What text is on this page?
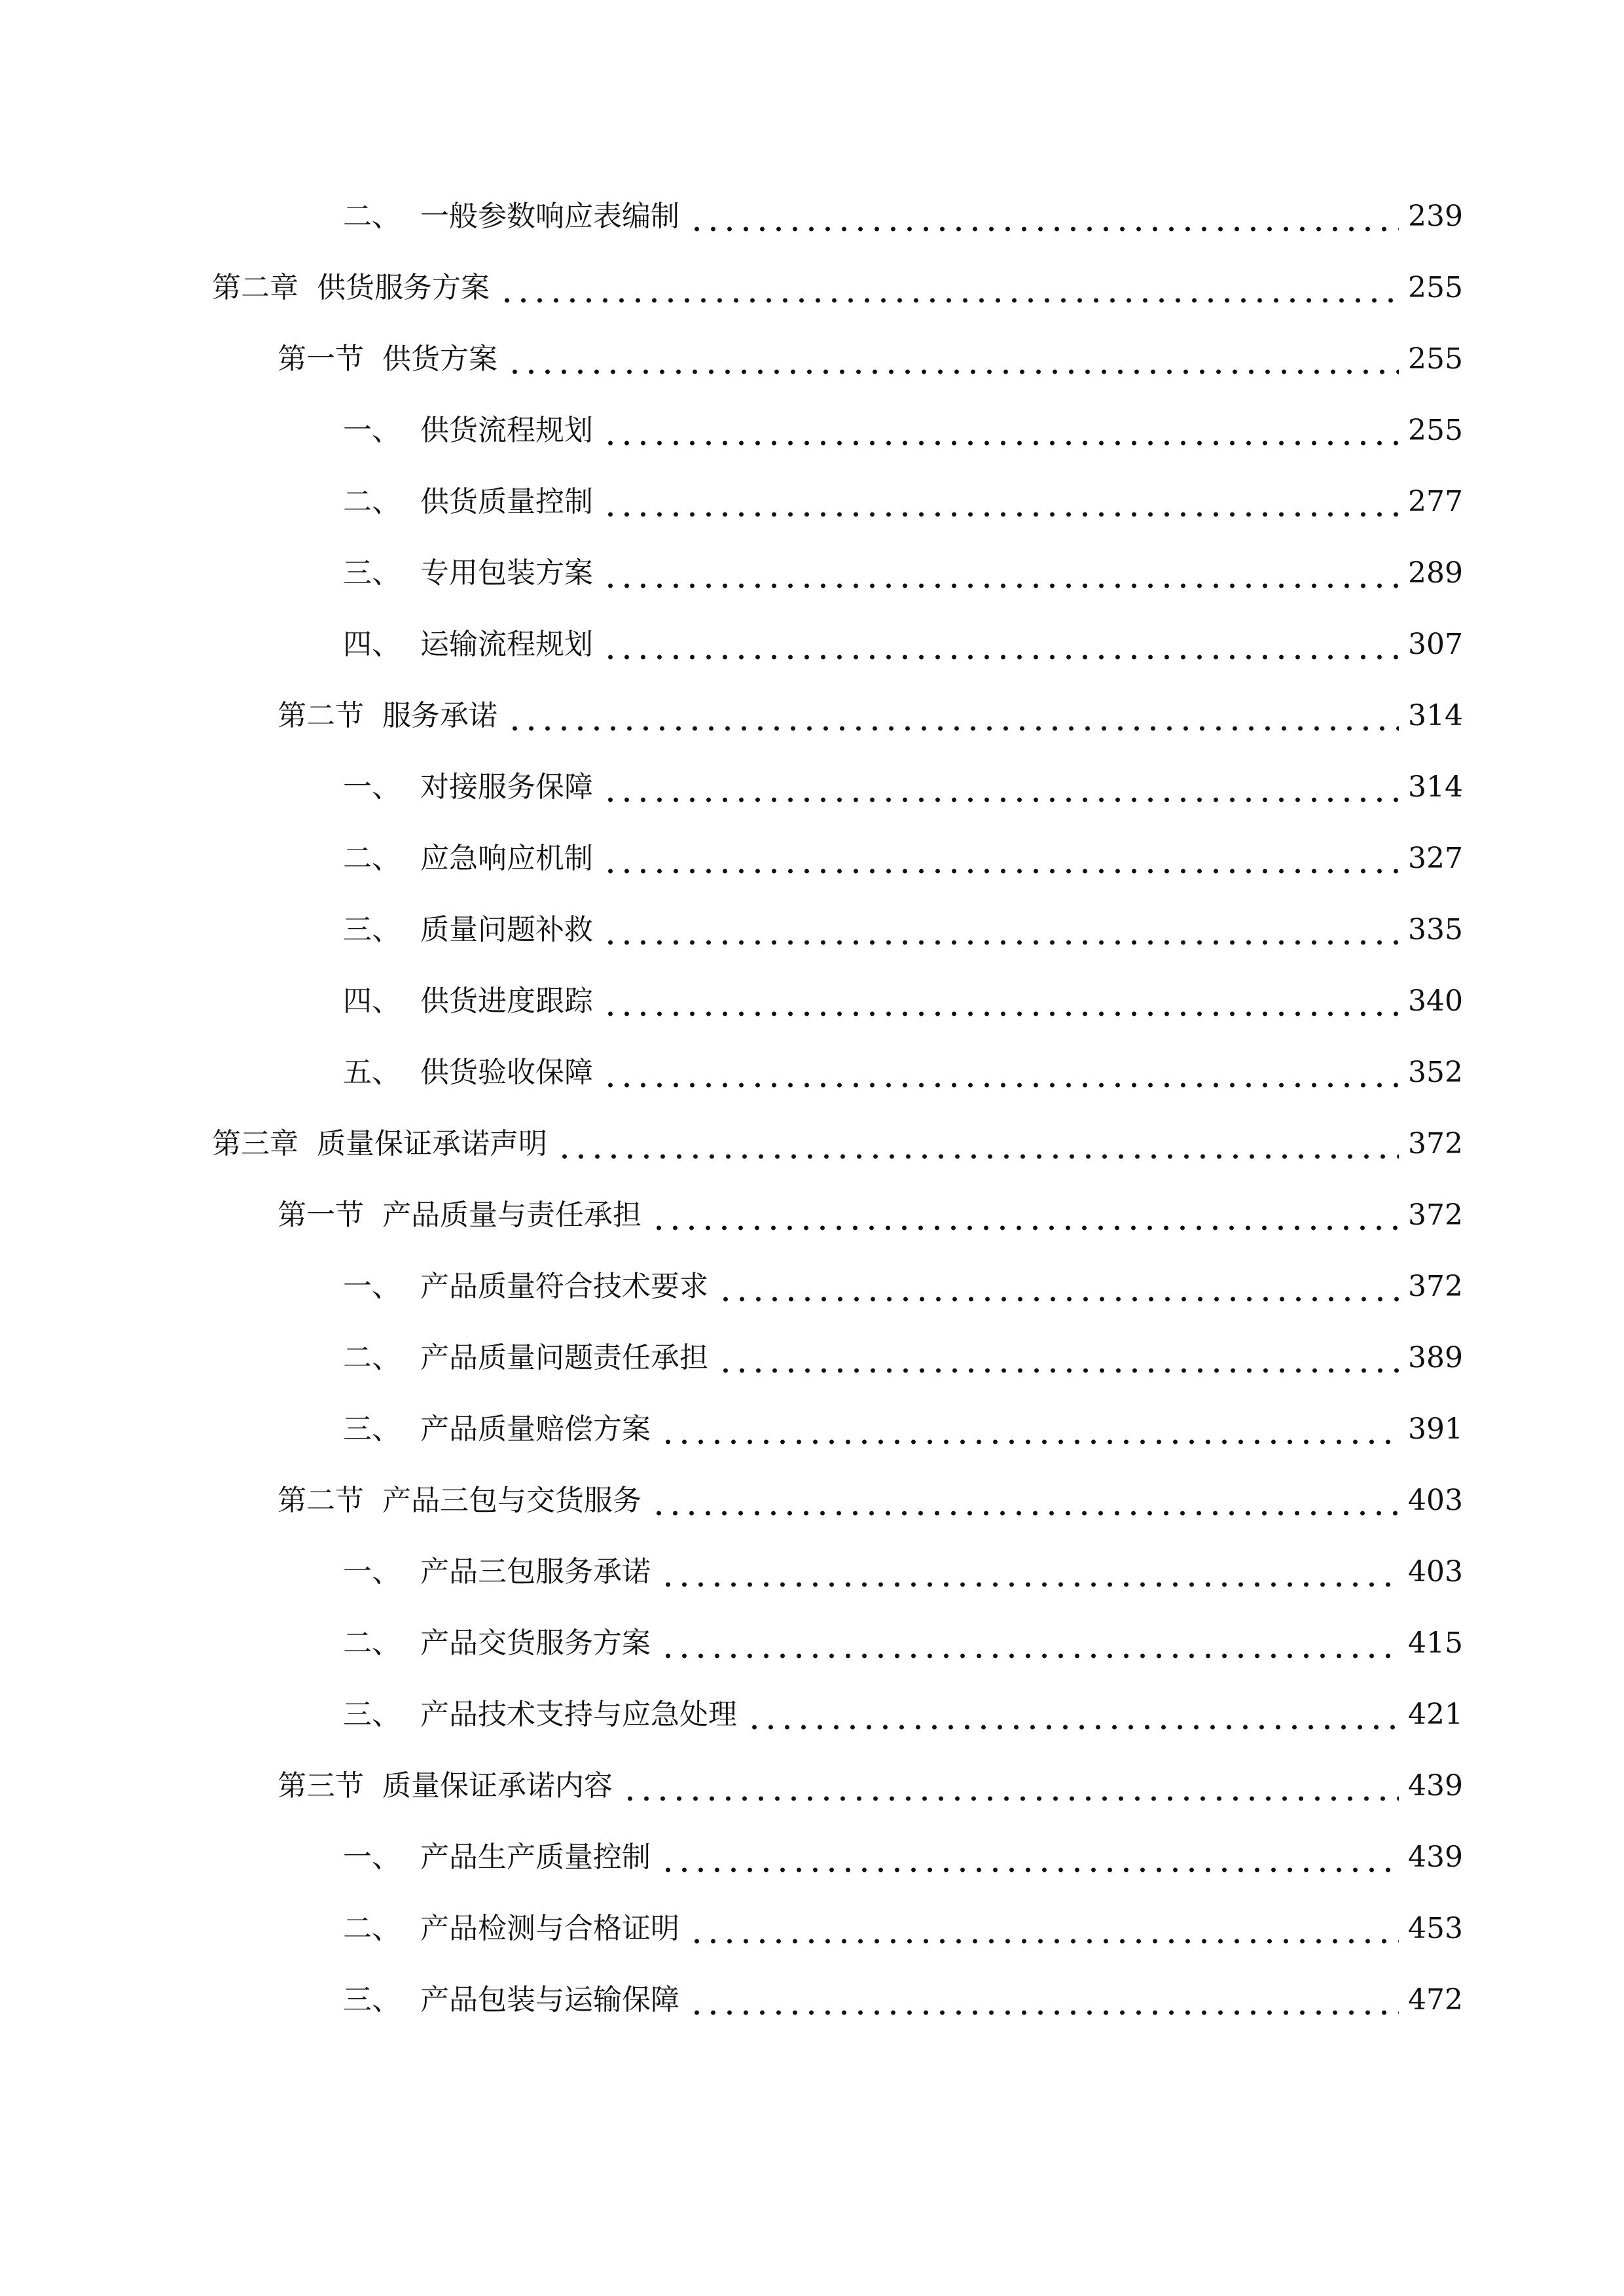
二、 一般参数响应表编制	239
第二章 供货服务方案	255
第一节 供货方案	255
一、 供货流程规划	255
二、 供货质量控制	277
三、 专用包装方案	289
四、 运输流程规划	307
第二节 服务承诺	314
一、 对接服务保障	314
二、 应急响应机制	327
三、 质量问题补救	335
四、 供货进度跟踪	340
五、 供货验收保障	352
第三章 质量保证承诺声明	372
第一节 产品质量与责任承担	372
一、 产品质量符合技术要求	372
二、 产品质量问题责任承担	389
三、 产品质量赔偿方案	391
第二节 产品三包与交货服务	403
一、 产品三包服务承诺	403
二、 产品交货服务方案	415
三、 产品技术支持与应急处理	421
第三节 质量保证承诺内容	439
一、 产品生产质量控制	439
二、 产品检测与合格证明	453
三、 产品包装与运输保障	472
